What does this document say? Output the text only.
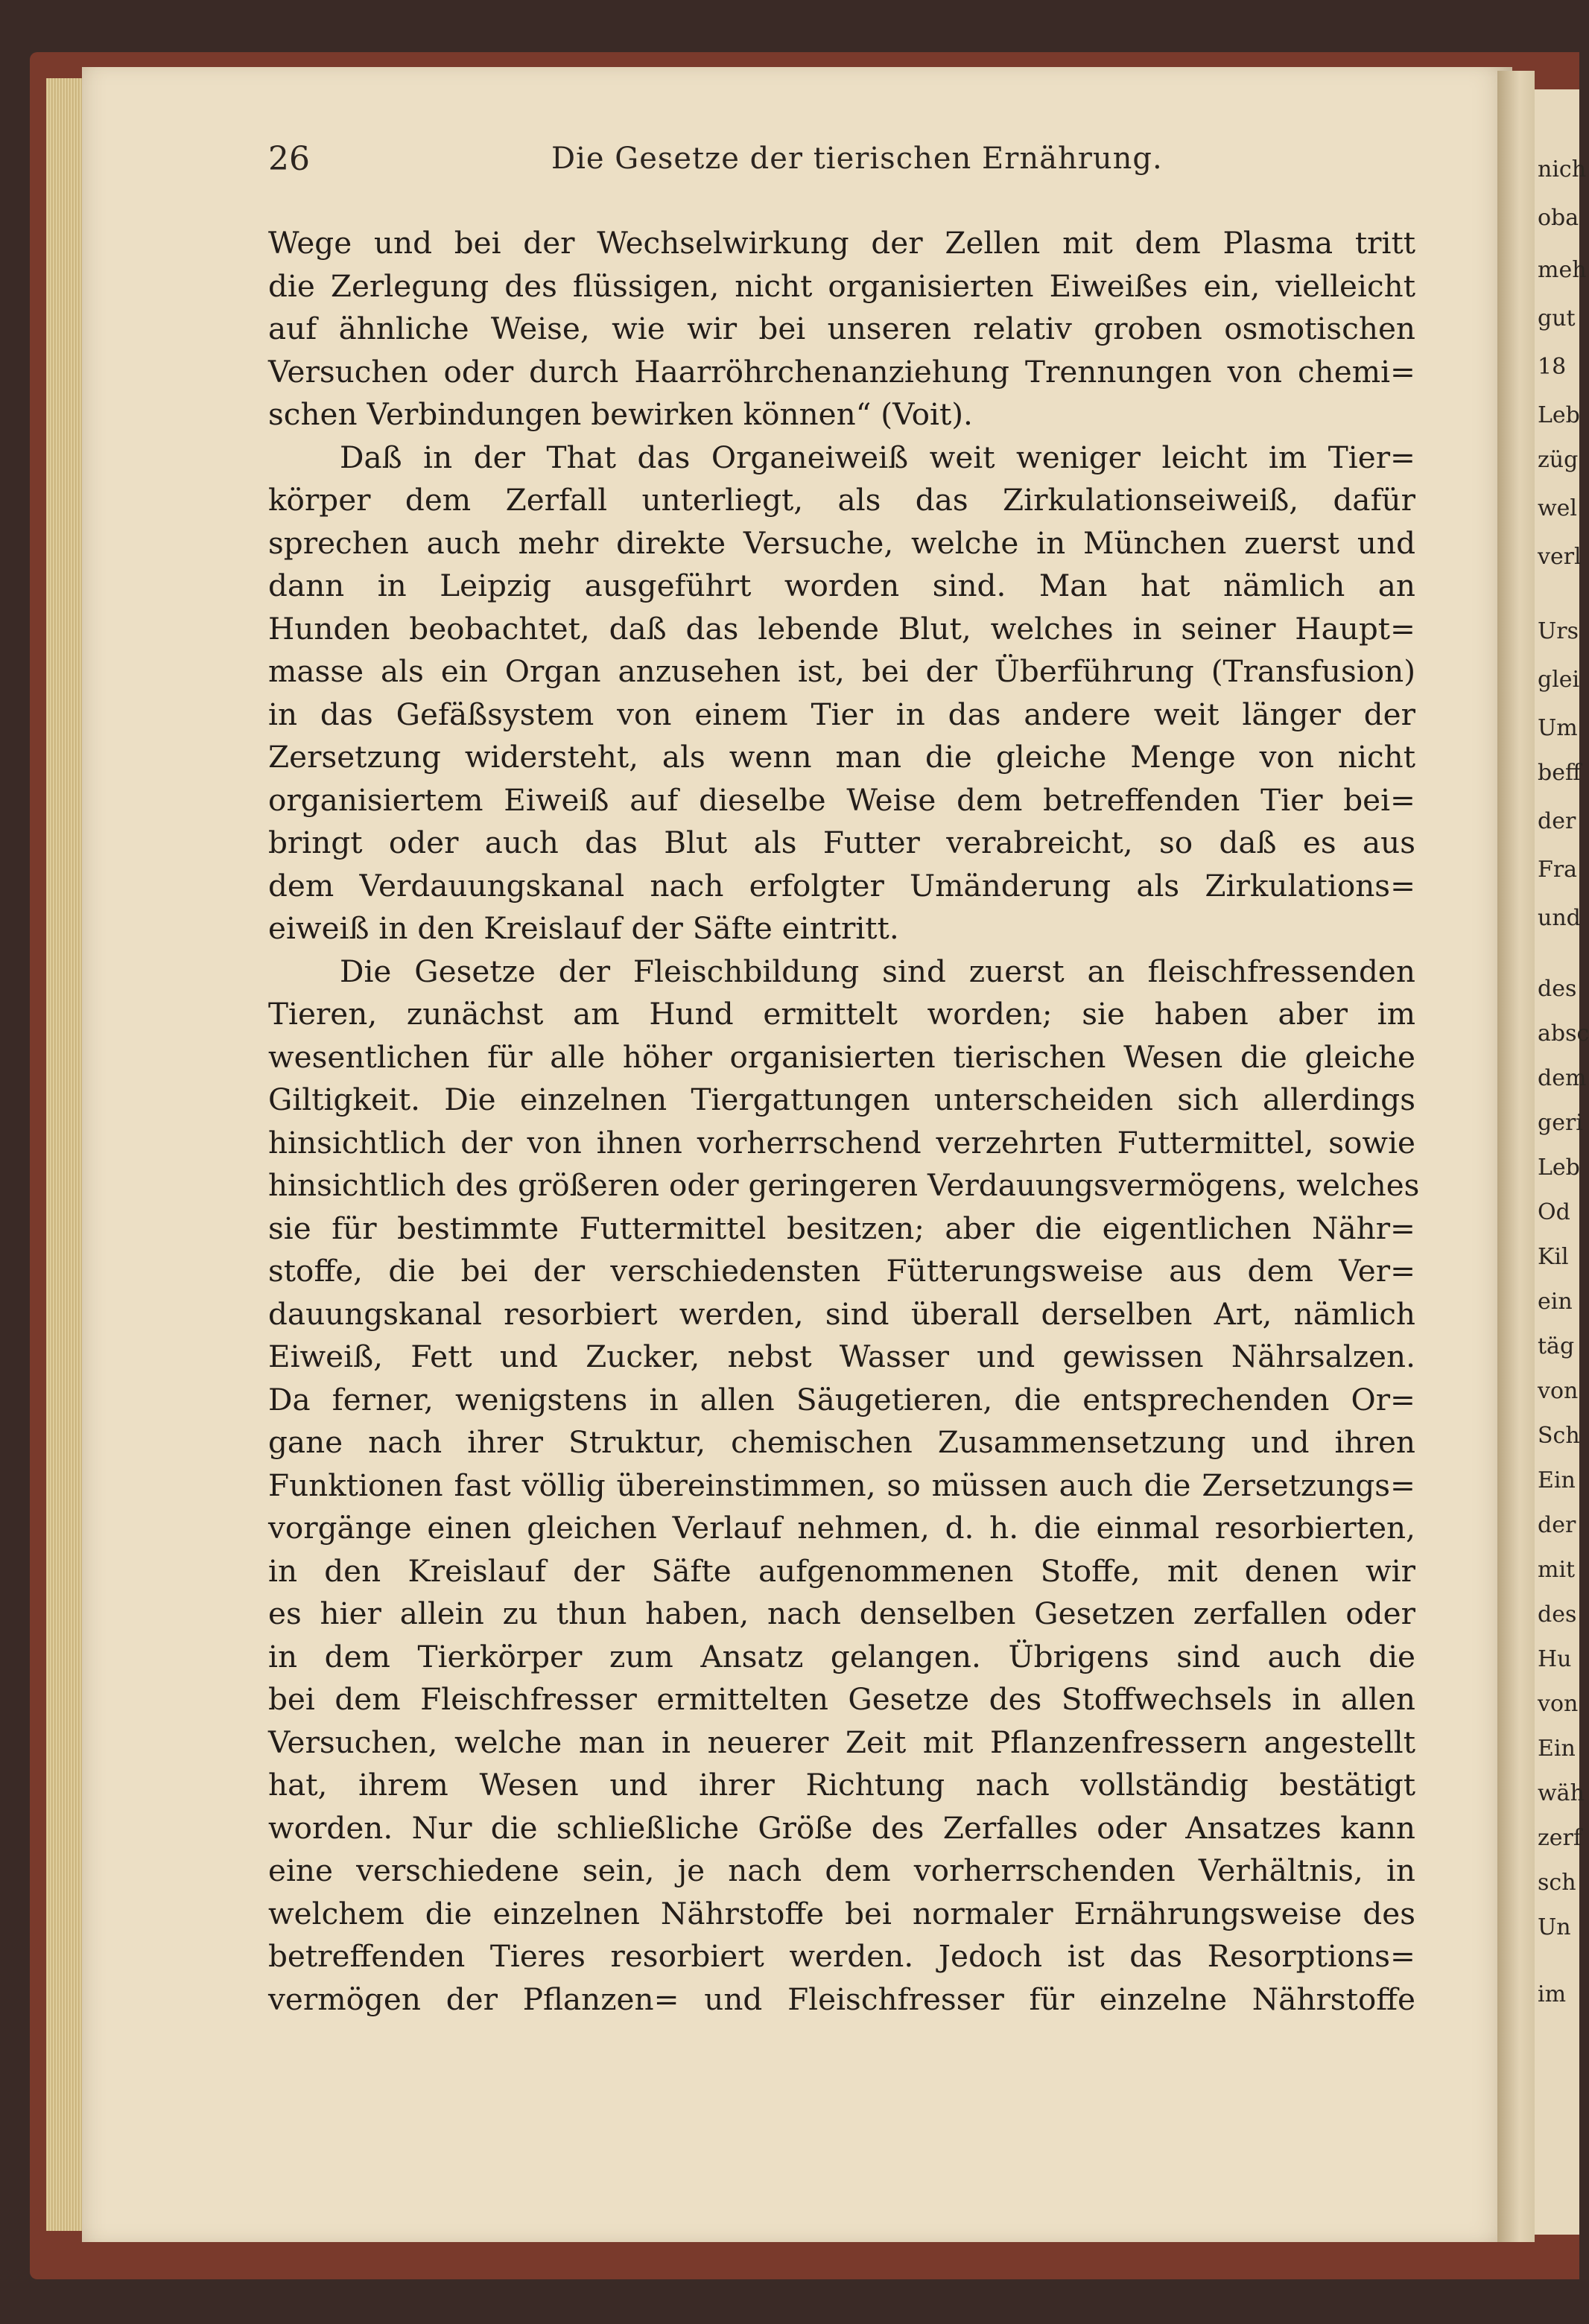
nich
oba
meh
gut
18
Leb
züg
wel
verl
Urs
glei
Um
beff
der
Fra
und
des
absc
dem
geri
Leb
Od
Kil
ein
täg
von
Sch
Ein
der
mit
des
Hu
von
Ein
wäh
zerf
sch
Un
im
26	Die Gesetze der tierischen Ernährung.
Wege und bei der Wechselwirkung der Zellen mit dem Plasma tritt
die Zerlegung des flüssigen, nicht organisierten Eiweißes ein, vielleicht
auf ähnliche Weise, wie wir bei unseren relativ groben osmotischen
Versuchen oder durch Haarröhrchenanziehung Trennungen von chemi=
schen Verbindungen bewirken können“ (Voit).
Daß in der That das Organeiweiß weit weniger leicht im Tier=
körper dem Zerfall unterliegt, als das Zirkulationseiweiß, dafür
sprechen auch mehr direkte Versuche, welche in München zuerst und
dann in Leipzig ausgeführt worden sind. Man hat nämlich an
Hunden beobachtet, daß das lebende Blut, welches in seiner Haupt=
masse als ein Organ anzusehen ist, bei der Überführung (Transfusion)
in das Gefäßsystem von einem Tier in das andere weit länger der
Zersetzung widersteht, als wenn man die gleiche Menge von nicht
organisiertem Eiweiß auf dieselbe Weise dem betreffenden Tier bei=
bringt oder auch das Blut als Futter verabreicht, so daß es aus
dem Verdauungskanal nach erfolgter Umänderung als Zirkulations=
eiweiß in den Kreislauf der Säfte eintritt.
Die Gesetze der Fleischbildung sind zuerst an fleischfressenden
Tieren, zunächst am Hund ermittelt worden; sie haben aber im
wesentlichen für alle höher organisierten tierischen Wesen die gleiche
Giltigkeit. Die einzelnen Tiergattungen unterscheiden sich allerdings
hinsichtlich der von ihnen vorherrschend verzehrten Futtermittel, sowie
hinsichtlich des größeren oder geringeren Verdauungsvermögens, welches
sie für bestimmte Futtermittel besitzen; aber die eigentlichen Nähr=
stoffe, die bei der verschiedensten Fütterungsweise aus dem Ver=
dauungskanal resorbiert werden, sind überall derselben Art, nämlich
Eiweiß, Fett und Zucker, nebst Wasser und gewissen Nährsalzen.
Da ferner, wenigstens in allen Säugetieren, die entsprechenden Or=
gane nach ihrer Struktur, chemischen Zusammensetzung und ihren
Funktionen fast völlig übereinstimmen, so müssen auch die Zersetzungs=
vorgänge einen gleichen Verlauf nehmen, d. h. die einmal resorbierten,
in den Kreislauf der Säfte aufgenommenen Stoffe, mit denen wir
es hier allein zu thun haben, nach denselben Gesetzen zerfallen oder
in dem Tierkörper zum Ansatz gelangen. Übrigens sind auch die
bei dem Fleischfresser ermittelten Gesetze des Stoffwechsels in allen
Versuchen, welche man in neuerer Zeit mit Pflanzenfressern angestellt
hat, ihrem Wesen und ihrer Richtung nach vollständig bestätigt
worden. Nur die schließliche Größe des Zerfalles oder Ansatzes kann
eine verschiedene sein, je nach dem vorherrschenden Verhältnis, in
welchem die einzelnen Nährstoffe bei normaler Ernährungsweise des
betreffenden Tieres resorbiert werden. Jedoch ist das Resorptions=
vermögen der Pflanzen= und Fleischfresser für einzelne Nährstoffe
